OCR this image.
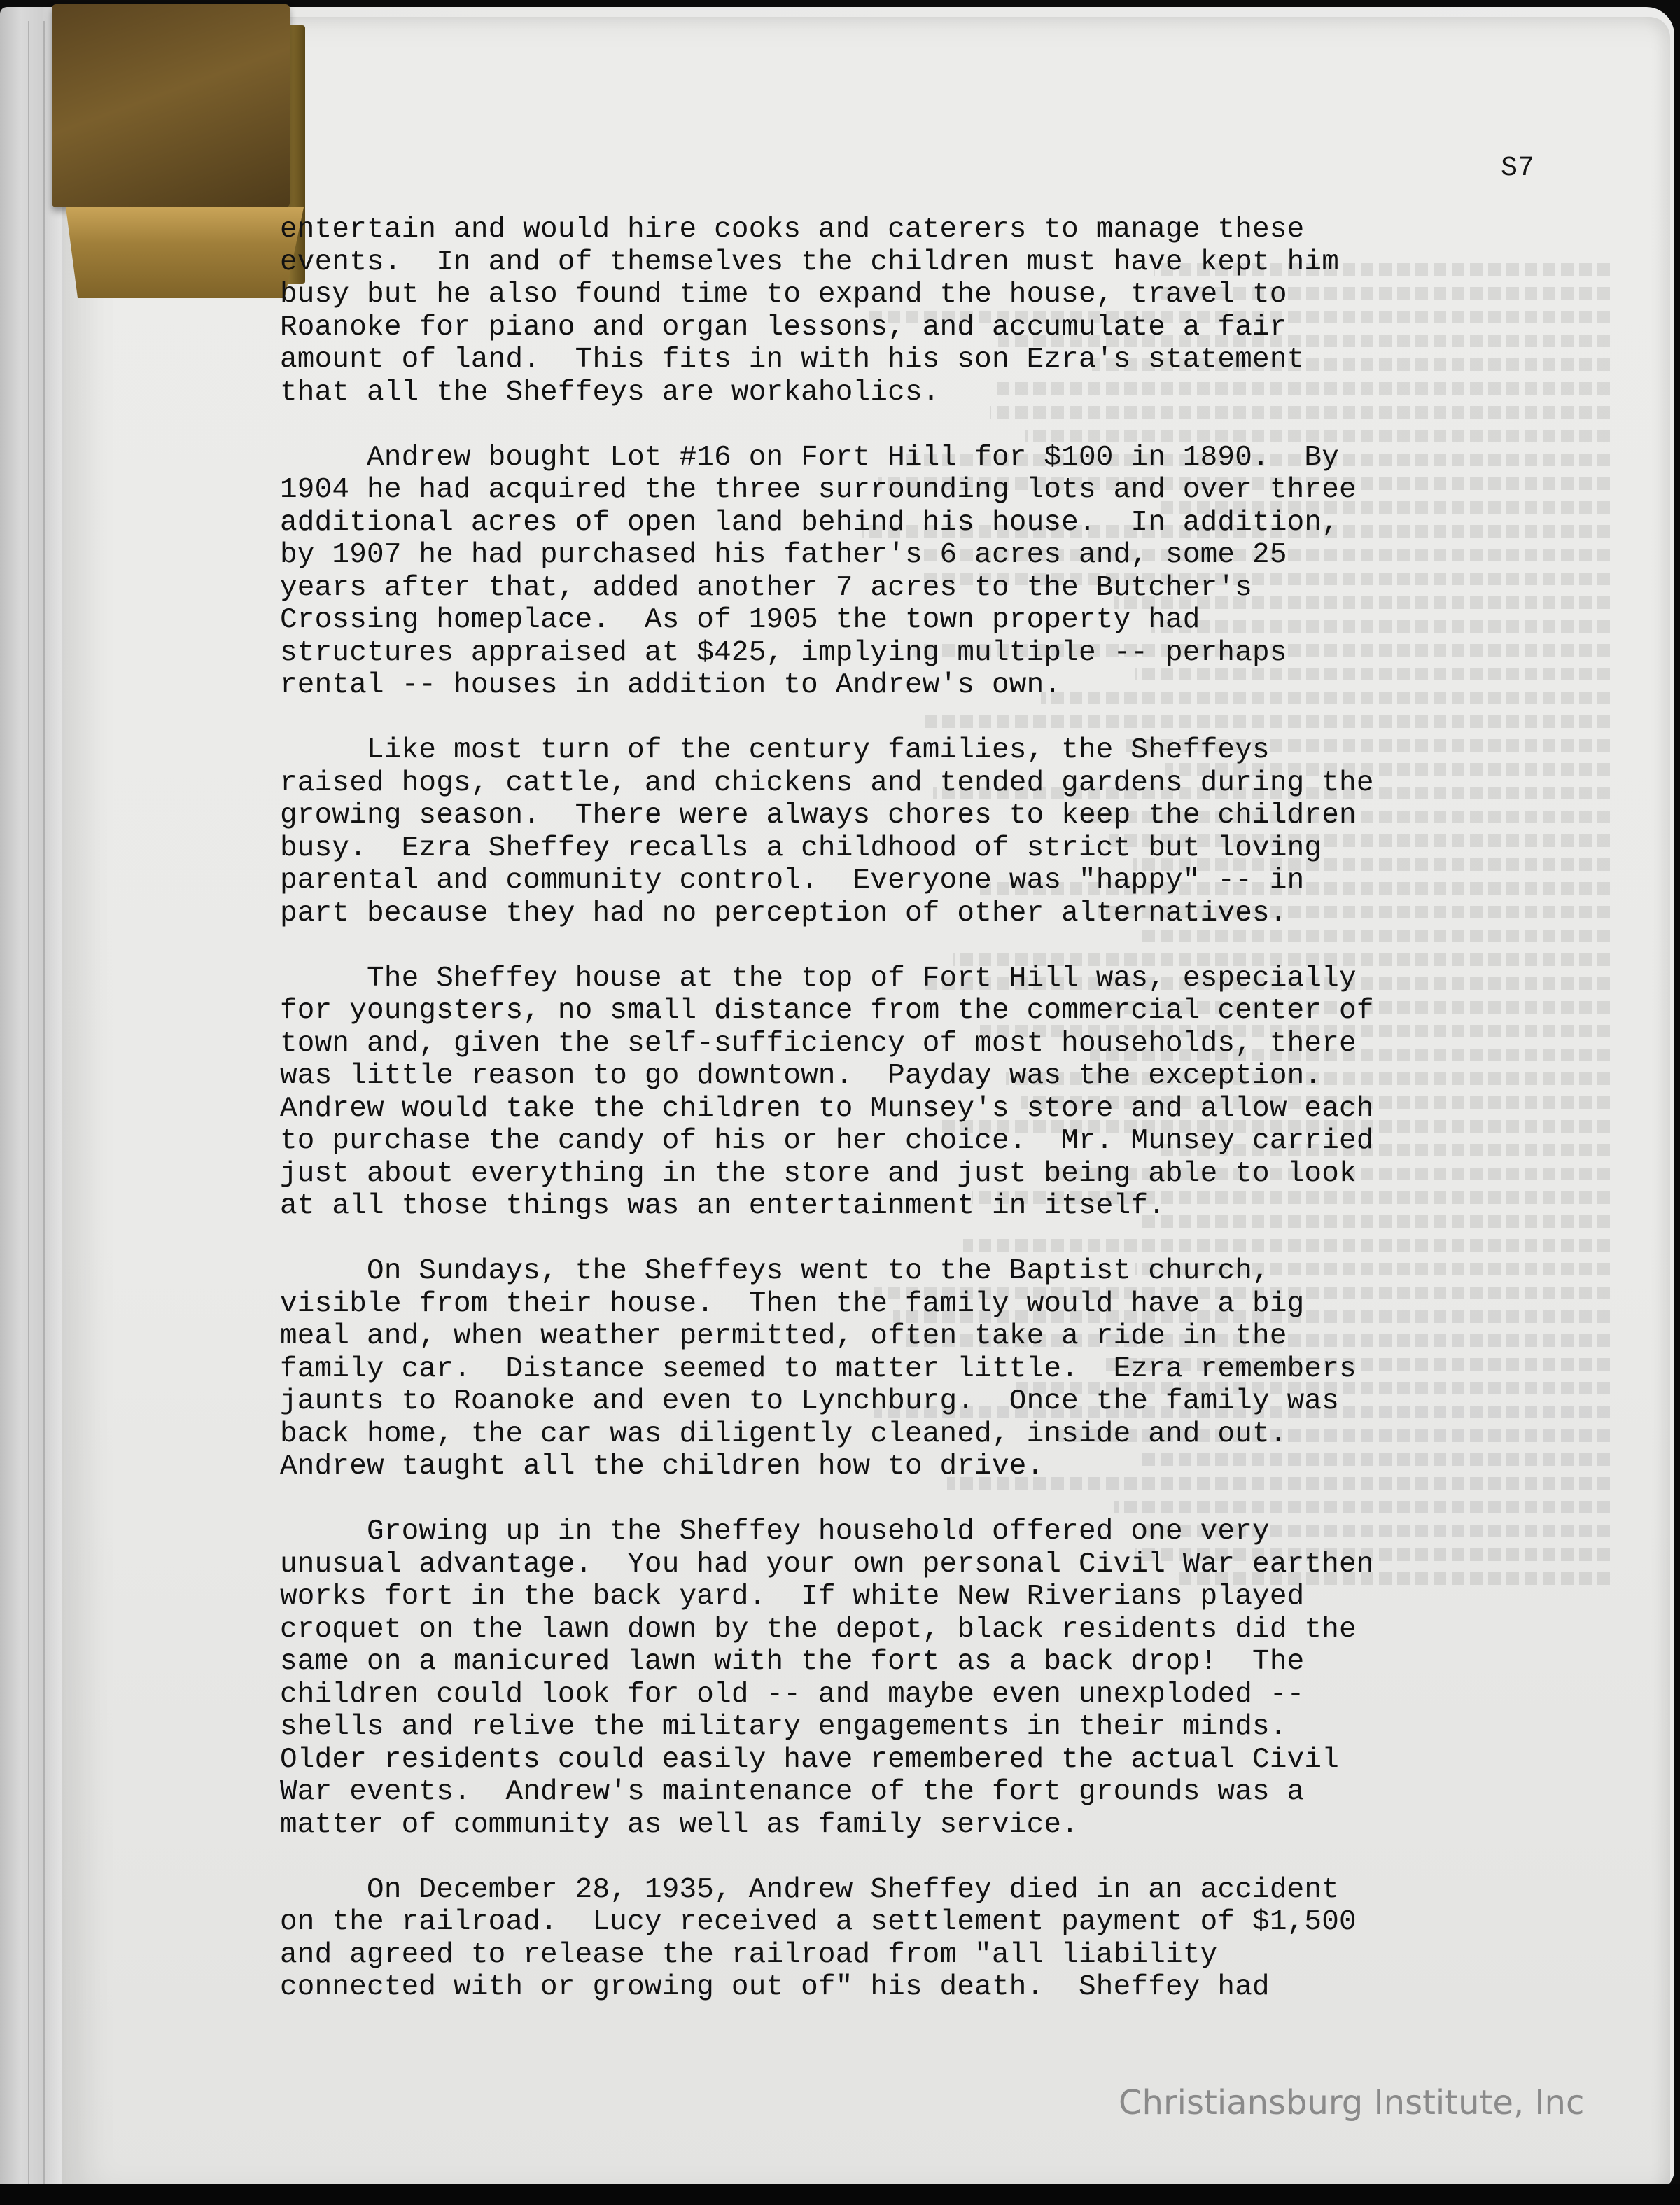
S7
entertain and would hire cooks and caterers to manage these
events.  In and of themselves the children must have kept him
busy but he also found time to expand the house, travel to
Roanoke for piano and organ lessons, and accumulate a fair
amount of land.  This fits in with his son Ezra's statement
that all the Sheffeys are workaholics.
Andrew bought Lot #16 on Fort Hill for $100 in 1890.  By
1904 he had acquired the three surrounding lots and over three
additional acres of open land behind his house.  In addition,
by 1907 he had purchased his father's 6 acres and, some 25
years after that, added another 7 acres to the Butcher's
Crossing homeplace.  As of 1905 the town property had
structures appraised at $425, implying multiple -- perhaps
rental -- houses in addition to Andrew's own.
Like most turn of the century families, the Sheffeys
raised hogs, cattle, and chickens and tended gardens during the
growing season.  There were always chores to keep the children
busy.  Ezra Sheffey recalls a childhood of strict but loving
parental and community control.  Everyone was "happy" -- in
part because they had no perception of other alternatives.
The Sheffey house at the top of Fort Hill was, especially
for youngsters, no small distance from the commercial center of
town and, given the self-sufficiency of most households, there
was little reason to go downtown.  Payday was the exception.
Andrew would take the children to Munsey's store and allow each
to purchase the candy of his or her choice.  Mr. Munsey carried
just about everything in the store and just being able to look
at all those things was an entertainment in itself.
On Sundays, the Sheffeys went to the Baptist church,
visible from their house.  Then the family would have a big
meal and, when weather permitted, often take a ride in the
family car.  Distance seemed to matter little.  Ezra remembers
jaunts to Roanoke and even to Lynchburg.  Once the family was
back home, the car was diligently cleaned, inside and out.
Andrew taught all the children how to drive.
Growing up in the Sheffey household offered one very
unusual advantage.  You had your own personal Civil War earthen
works fort in the back yard.  If white New Riverians played
croquet on the lawn down by the depot, black residents did the
same on a manicured lawn with the fort as a back drop!  The
children could look for old -- and maybe even unexploded --
shells and relive the military engagements in their minds.
Older residents could easily have remembered the actual Civil
War events.  Andrew's maintenance of the fort grounds was a
matter of community as well as family service.
On December 28, 1935, Andrew Sheffey died in an accident
on the railroad.  Lucy received a settlement payment of $1,500
and agreed to release the railroad from "all liability
connected with or growing out of" his death.  Sheffey had
Christiansburg Institute, Inc
